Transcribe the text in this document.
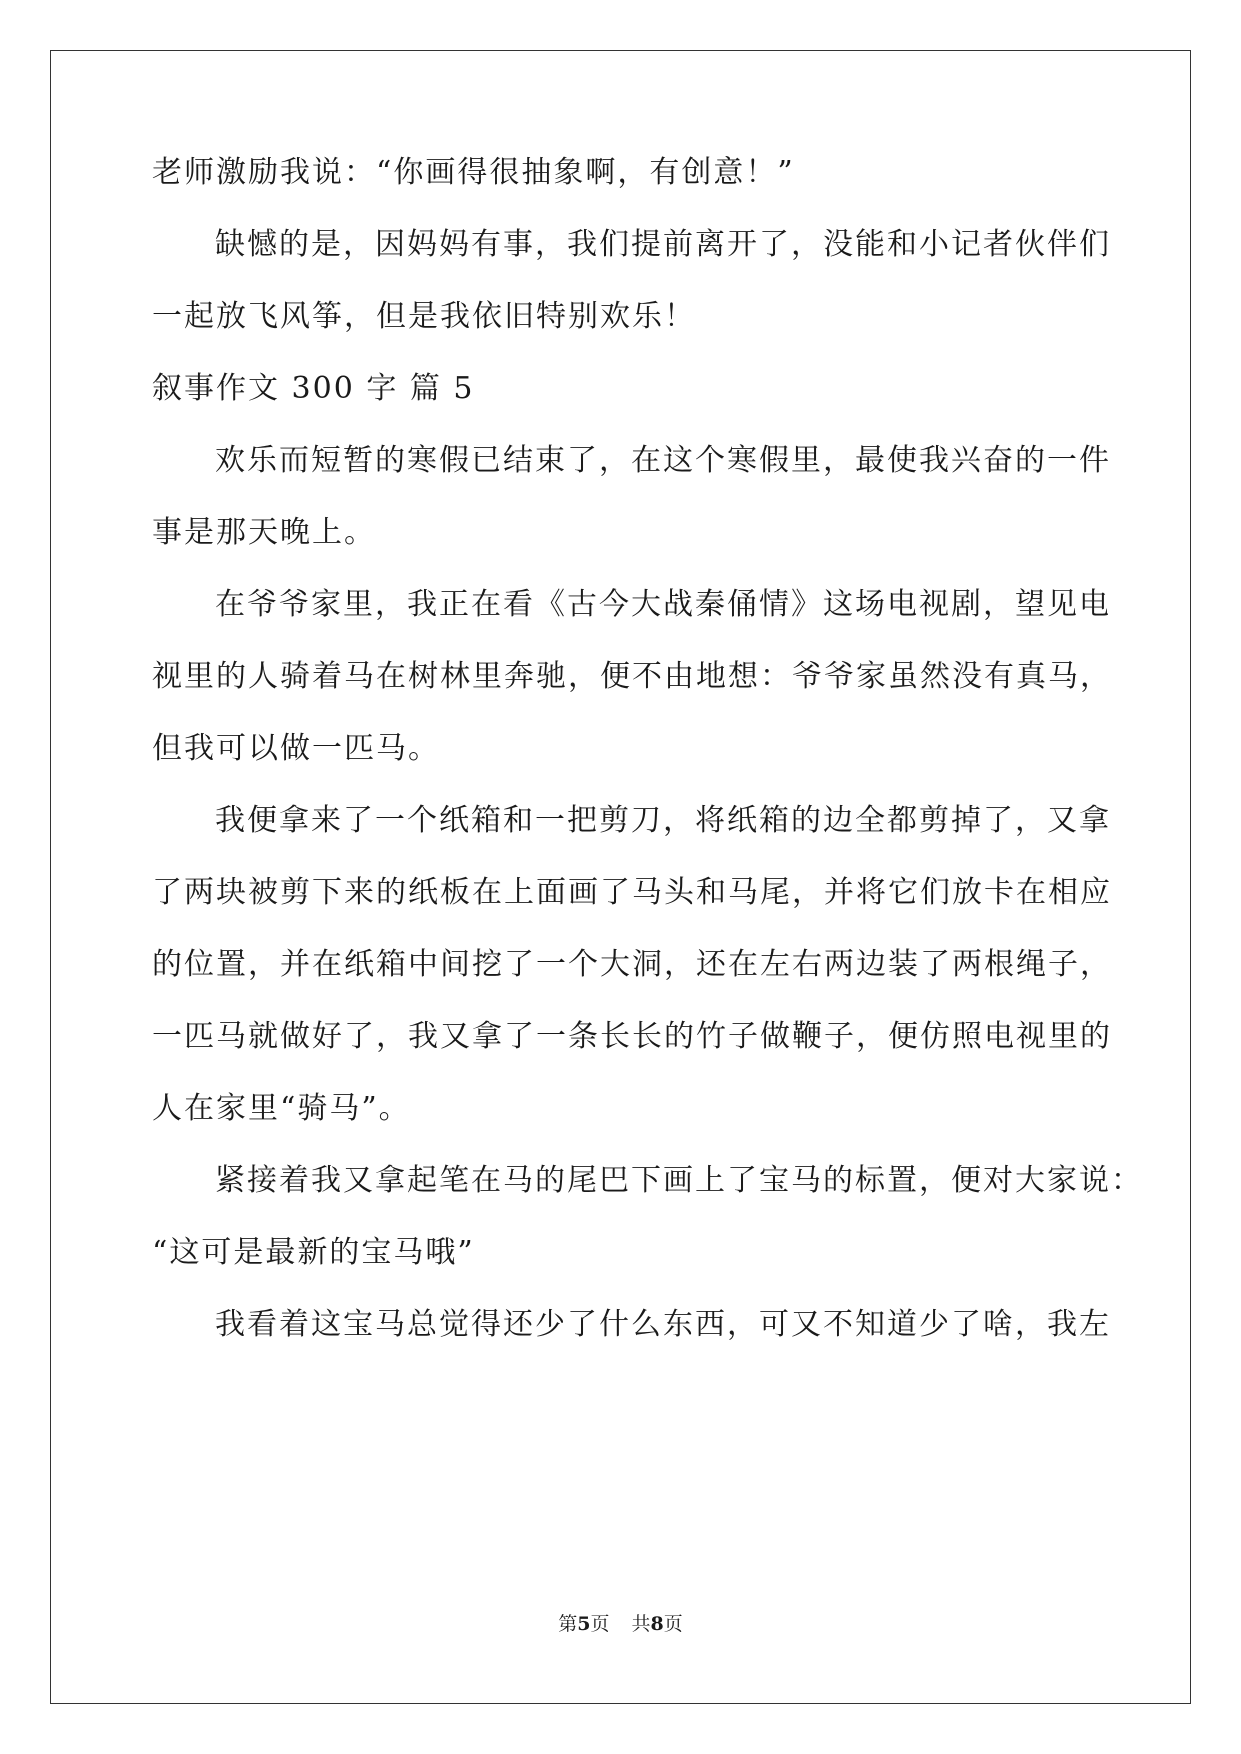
老师激励我说：“你画得很抽象啊，有创意！”
缺憾的是，因妈妈有事，我们提前离开了，没能和小记者伙伴们
一起放飞风筝，但是我依旧特别欢乐！
叙事作文 300 字 篇 5
欢乐而短暂的寒假已结束了，在这个寒假里，最使我兴奋的一件
事是那天晚上。
在爷爷家里，我正在看《古今大战秦俑情》这场电视剧，望见电
视里的人骑着马在树林里奔驰，便不由地想：爷爷家虽然没有真马，
但我可以做一匹马。
我便拿来了一个纸箱和一把剪刀，将纸箱的边全都剪掉了，又拿
了两块被剪下来的纸板在上面画了马头和马尾，并将它们放卡在相应
的位置，并在纸箱中间挖了一个大洞，还在左右两边装了两根绳子，
一匹马就做好了，我又拿了一条长长的竹子做鞭子，便仿照电视里的
人在家里“骑马”。
紧接着我又拿起笔在马的尾巴下画上了宝马的标置，便对大家说：
“这可是最新的宝马哦”
我看着这宝马总觉得还少了什么东西，可又不知道少了啥，我左
第5页 共8页
